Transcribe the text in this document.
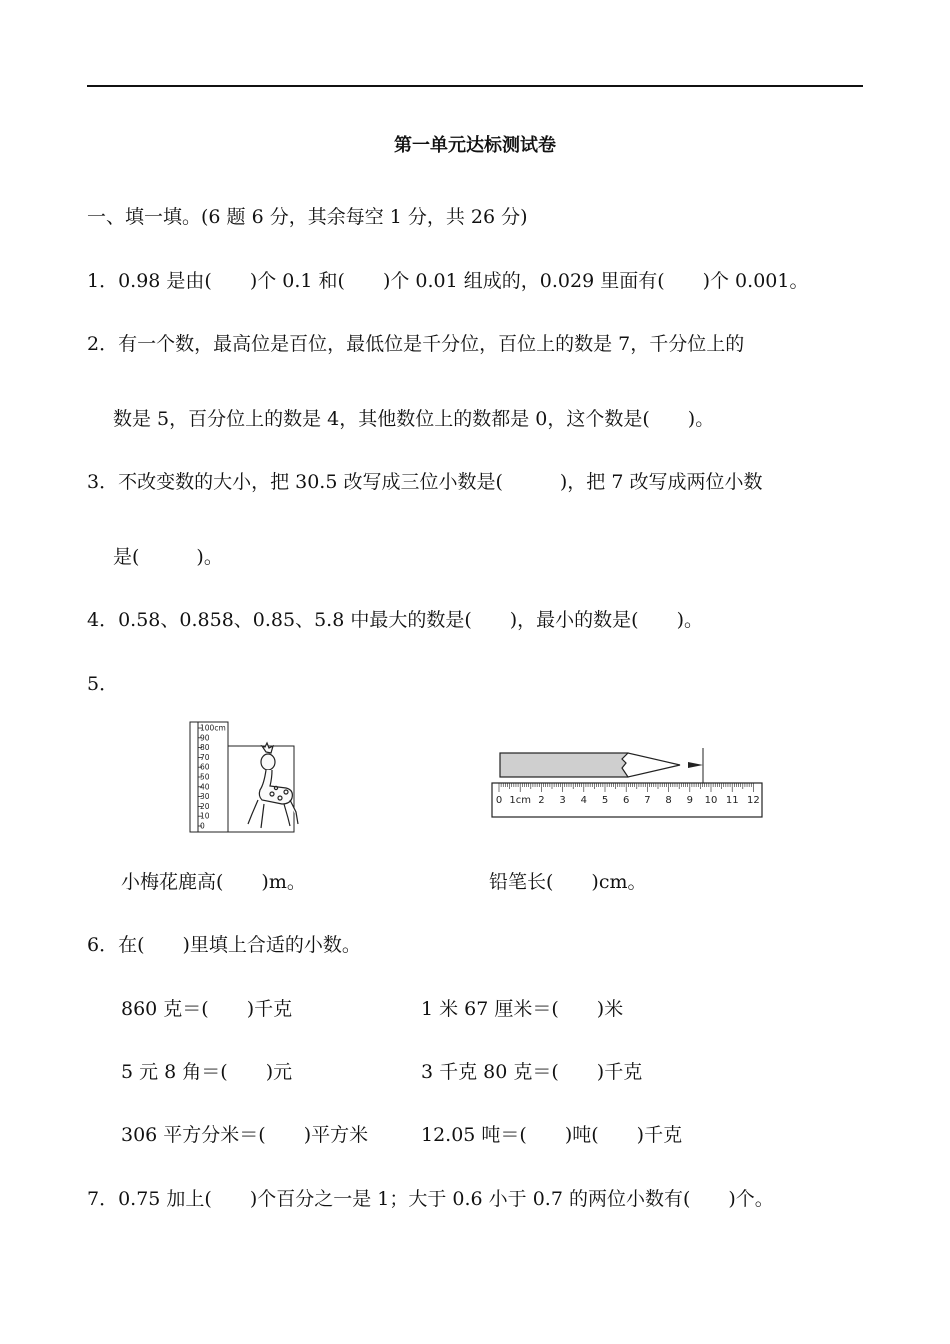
第一单元达标测试卷
一、填一填。(6 题 6 分，其余每空 1 分，共 26 分)
1．0.98 是由(　　)个 0.1 和(　　)个 0.01 组成的，0.029 里面有(　　)个 0.001。
2．有一个数，最高位是百位，最低位是千分位，百位上的数是 7，千分位上的
数是 5，百分位上的数是 4，其他数位上的数都是 0，这个数是(　　)。
3．不改变数的大小，把 30.5 改写成三位小数是(　　　)，把 7 改写成两位小数
是(　　　)。
4．0.58、0.858、0.85、5.8 中最大的数是(　　)，最小的数是(　　)。
5．
100cm
90
80
70
60
50
40
30
20
10
0
0 1cm 2 3 4 5 6 7 8 9 10 11 12
小梅花鹿高(　　)m。	铅笔长(　　)cm。
6．在(　　)里填上合适的小数。
860 克＝(　　)千克	1 米 67 厘米＝(　　)米
5 元 8 角＝(　　)元	3 千克 80 克＝(　　)千克
306 平方分米＝(　　)平方米	12.05 吨＝(　　)吨(　　)千克
7．0.75 加上(　　)个百分之一是 1；大于 0.6 小于 0.7 的两位小数有(　　)个。
